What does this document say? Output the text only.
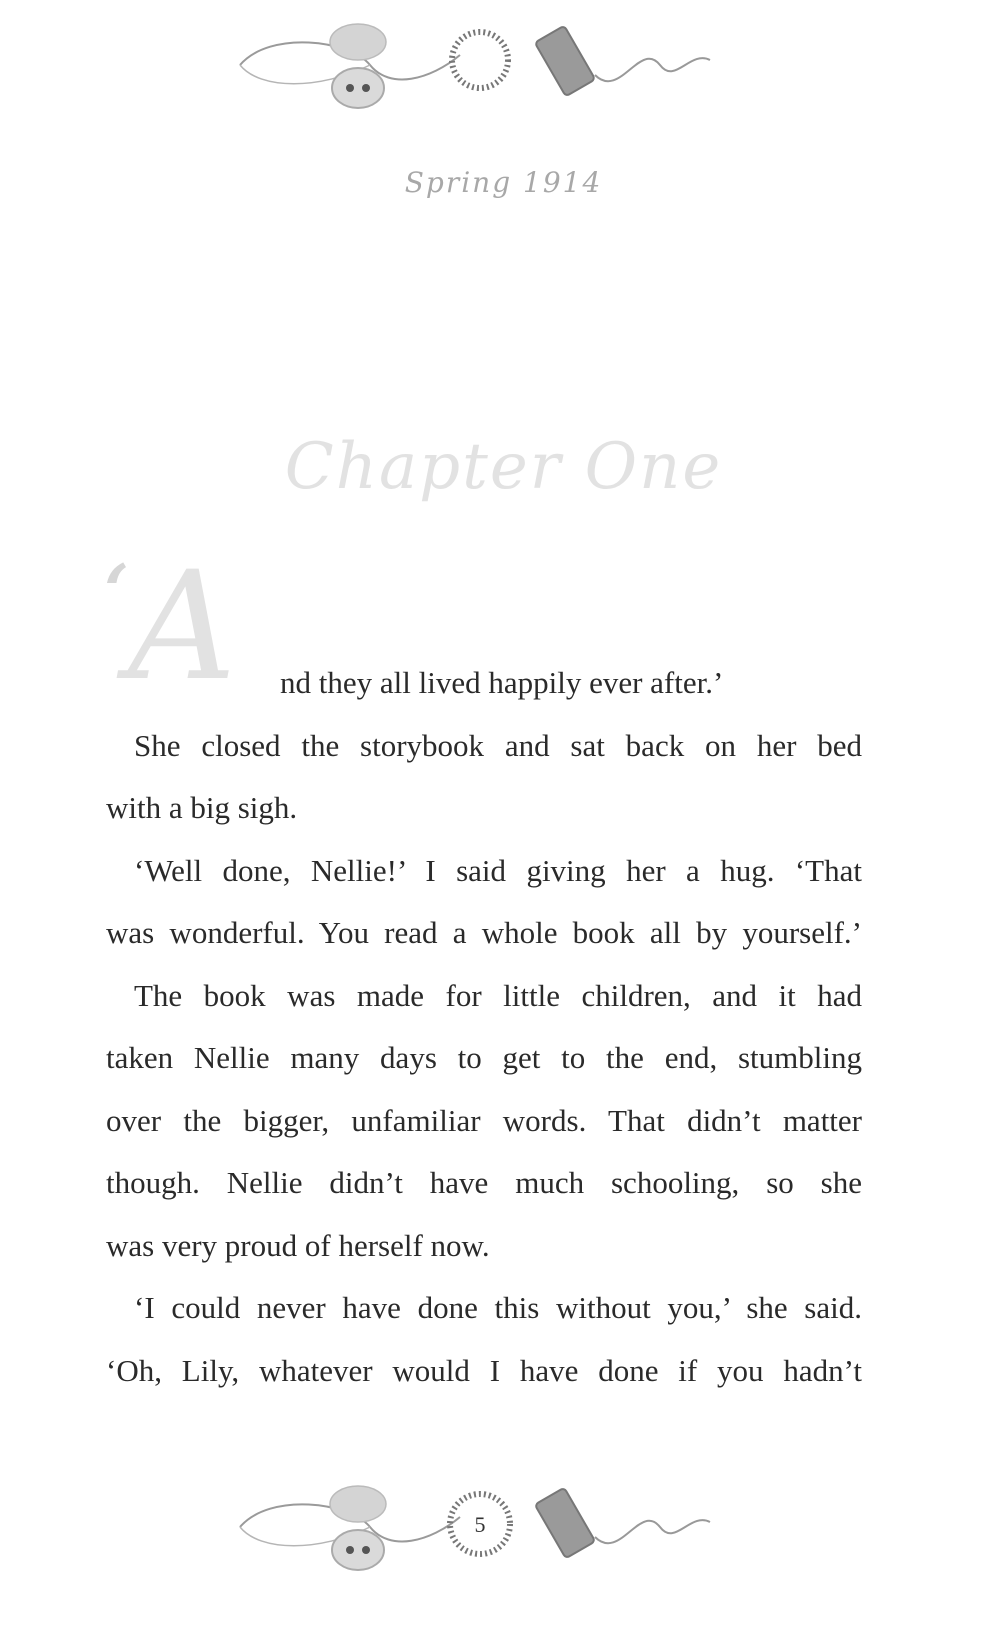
Spring 1914
Chapter One
‘
A	nd they all lived happily ever after.’
She closed the storybook and sat back on her bed
with a big sigh.
‘Well done, Nellie!’ I said giving her a hug. ‘That
was wonderful. You read a whole book all by yourself.’
The book was made for little children, and it had
taken Nellie many days to get to the end, stumbling
over the bigger, unfamiliar words. That didn’t matter
though. Nellie didn’t have much schooling, so she
was very proud of herself now.
‘I could never have done this without you,’ she said.
‘Oh, Lily, whatever would I have done if you hadn’t
5
